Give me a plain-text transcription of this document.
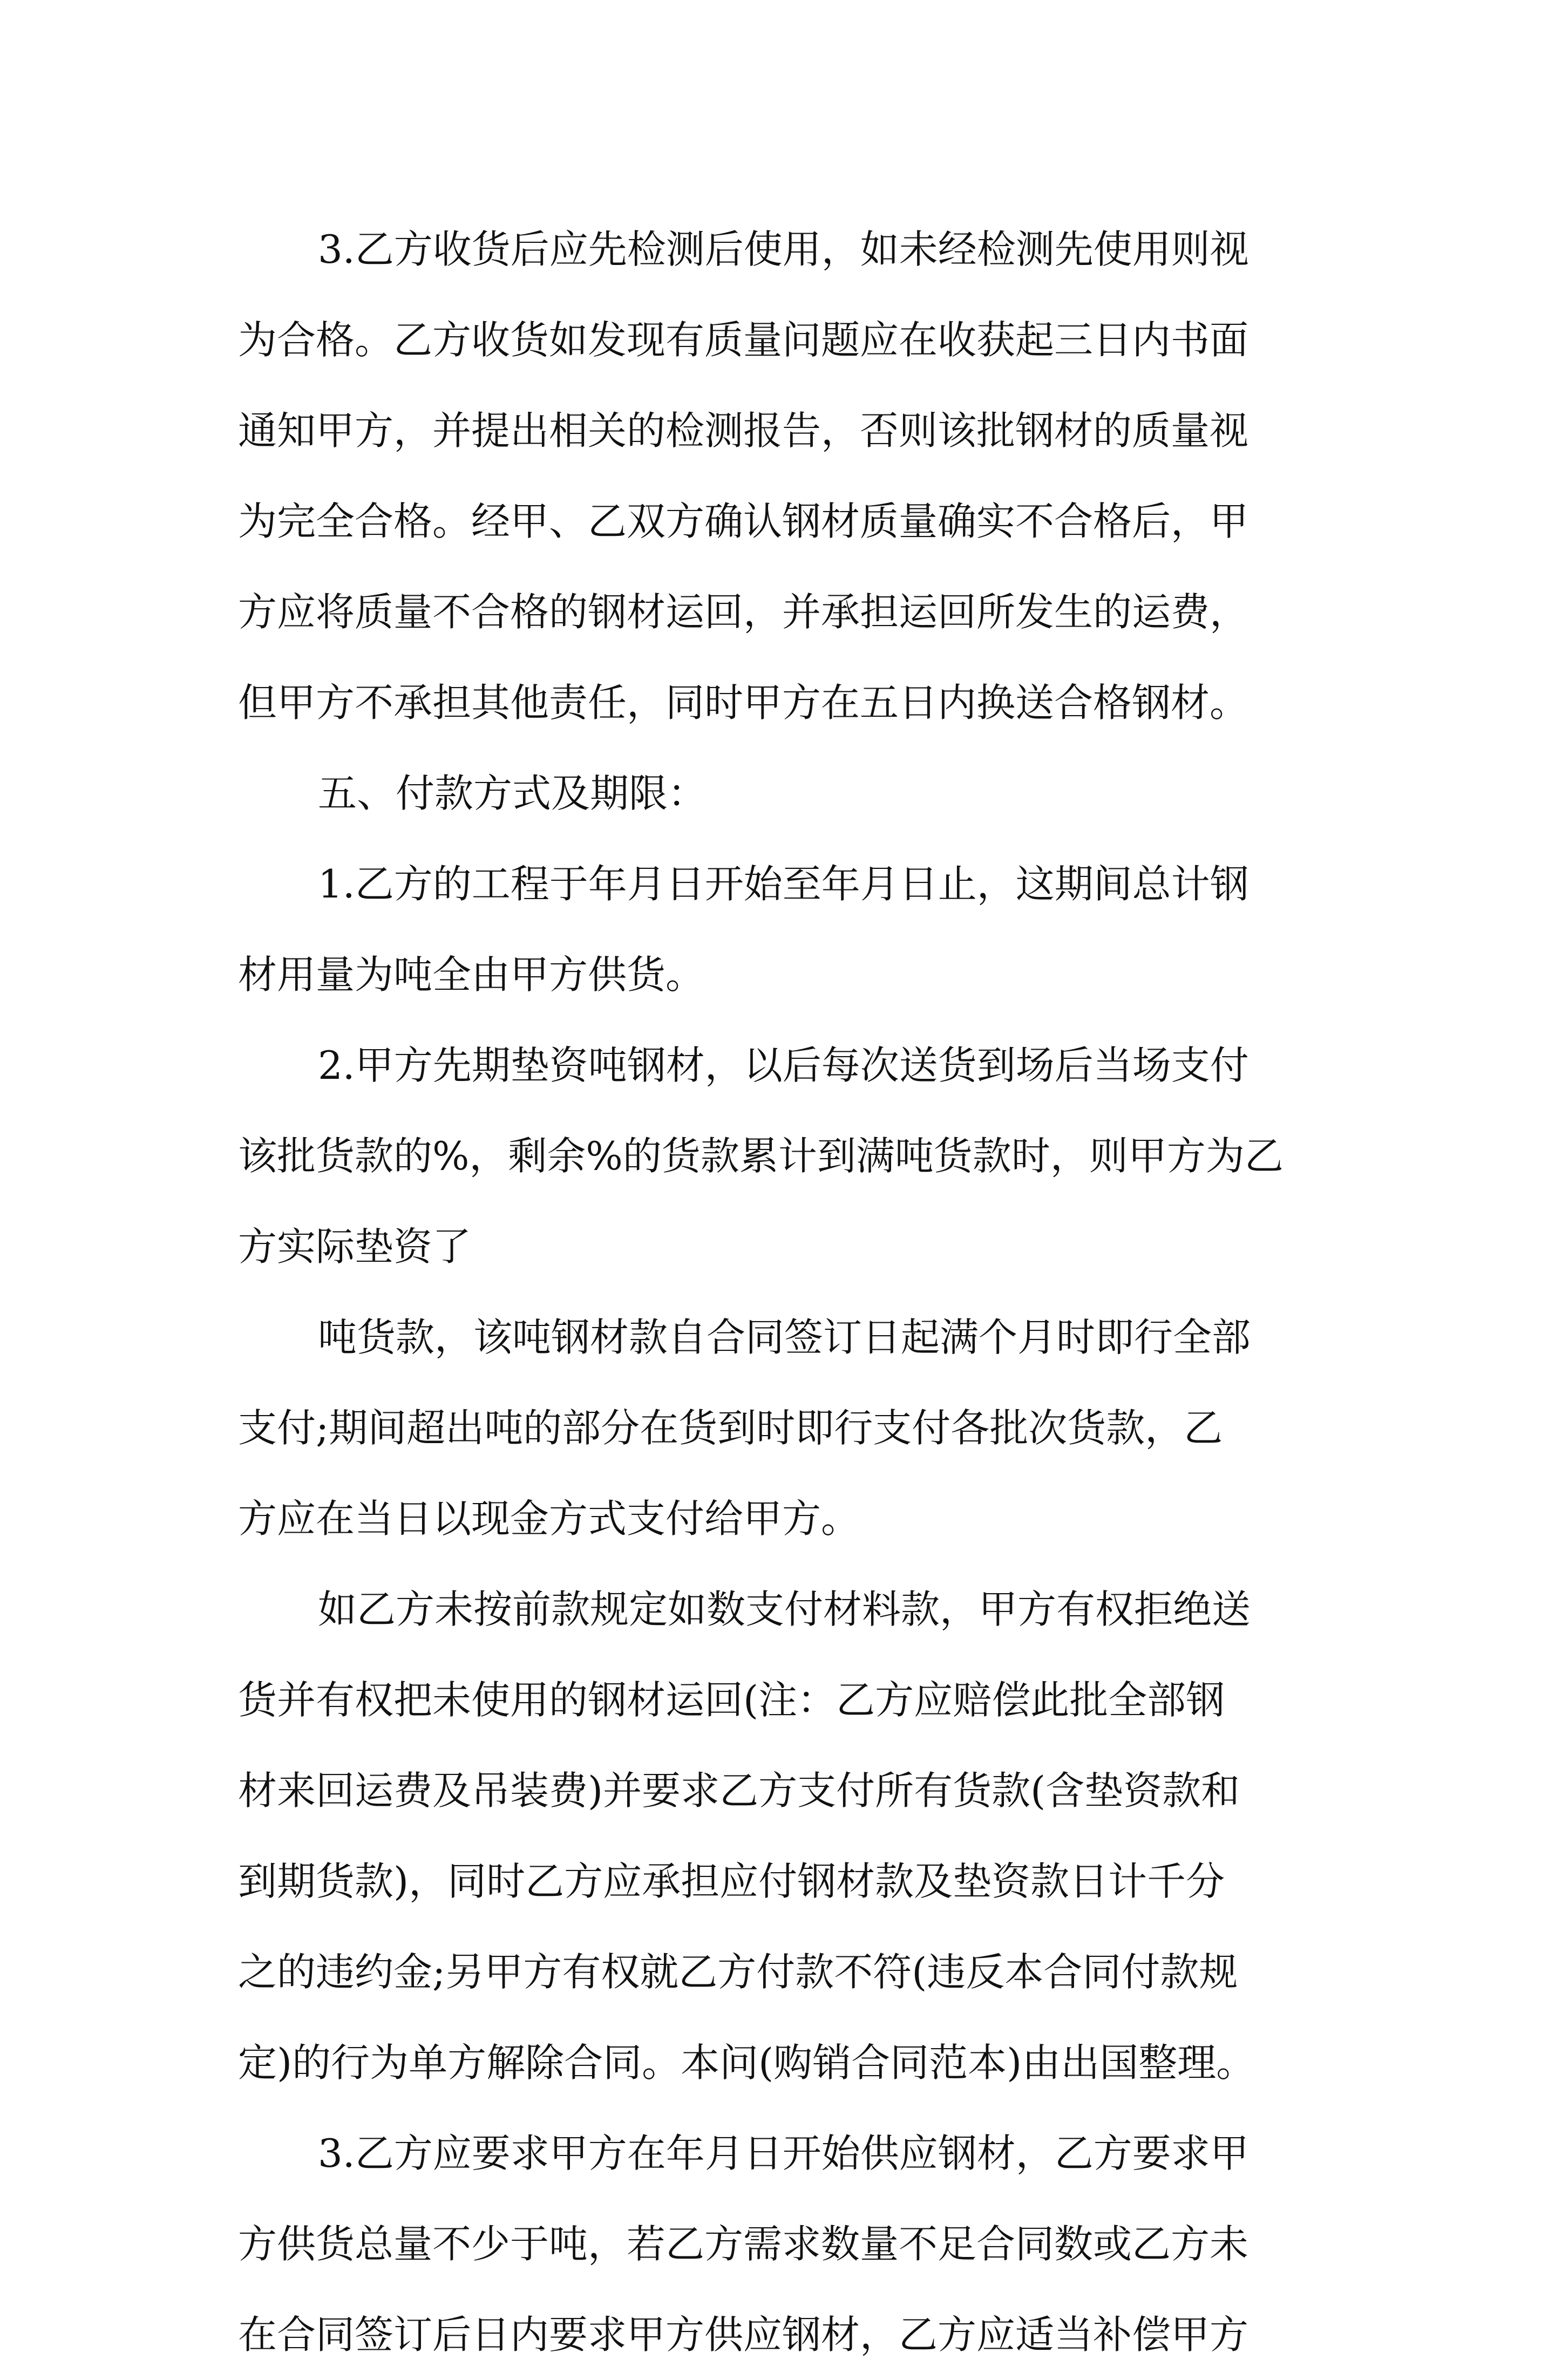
3.乙方收货后应先检测后使用，如未经检测先使用则视
为合格。乙方收货如发现有质量问题应在收获起三日内书面
通知甲方，并提出相关的检测报告，否则该批钢材的质量视
为完全合格。经甲、乙双方确认钢材质量确实不合格后，甲
方应将质量不合格的钢材运回，并承担运回所发生的运费，
但甲方不承担其他责任，同时甲方在五日内换送合格钢材。
五、付款方式及期限：
1.乙方的工程于年月日开始至年月日止，这期间总计钢
材用量为吨全由甲方供货。
2.甲方先期垫资吨钢材，以后每次送货到场后当场支付
该批货款的%，剩余%的货款累计到满吨货款时，则甲方为乙
方实际垫资了
吨货款，该吨钢材款自合同签订日起满个月时即行全部
支付;期间超出吨的部分在货到时即行支付各批次货款，乙
方应在当日以现金方式支付给甲方。
如乙方未按前款规定如数支付材料款，甲方有权拒绝送
货并有权把未使用的钢材运回(注：乙方应赔偿此批全部钢
材来回运费及吊装费)并要求乙方支付所有货款(含垫资款和
到期货款)，同时乙方应承担应付钢材款及垫资款日计千分
之的违约金;另甲方有权就乙方付款不符(违反本合同付款规
定)的行为单方解除合同。本问(购销合同范本)由出国整理。
3.乙方应要求甲方在年月日开始供应钢材，乙方要求甲
方供货总量不少于吨，若乙方需求数量不足合同数或乙方未
在合同签订后日内要求甲方供应钢材，乙方应适当补偿甲方
